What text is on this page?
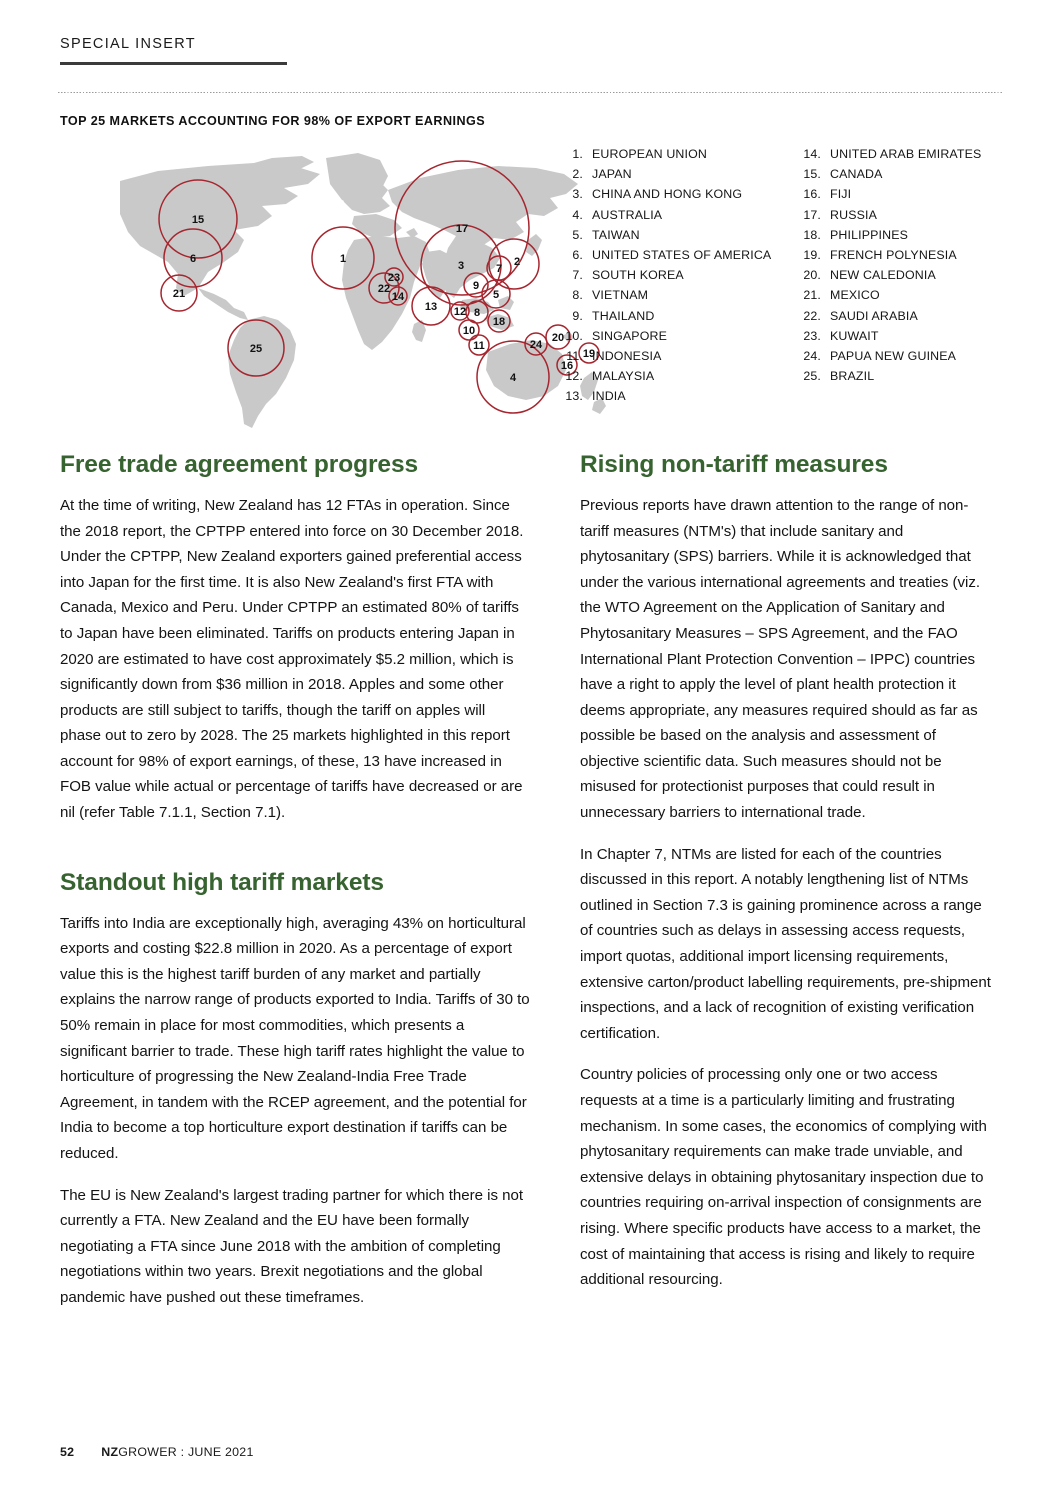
SPECIAL INSERT
TOP 25 MARKETS ACCOUNTING FOR 98% OF EXPORT EARNINGS
17
15
3
4
1
6
25
2
13
21	22	5
7
9
20
8
18
24
10
11
16
19
12
14
23
1. EUROPEAN UNION
2. JAPAN
3. CHINA AND HONG KONG
4. AUSTRALIA
5. TAIWAN
6. UNITED STATES OF AMERICA
7. SOUTH KOREA
8. VIETNAM
9. THAILAND
10. SINGAPORE
11. INDONESIA
12. MALAYSIA
13. INDIA
14. UNITED ARAB EMIRATES
15. CANADA
16. FIJI
17. RUSSIA
18. PHILIPPINES
19. FRENCH POLYNESIA
20. NEW CALEDONIA
21. MEXICO
22. SAUDI ARABIA
23. KUWAIT
24. PAPUA NEW GUINEA
25. BRAZIL
Free trade agreement progress

At the time of writing, New Zealand has 12 FTAs in operation. Since the 2018 report, the CPTPP entered into force on 30 December 2018. Under the CPTPP, New Zealand exporters gained preferential access into Japan for the first time. It is also New Zealand's first FTA with Canada, Mexico and Peru. Under CPTPP an estimated 80% of tariffs to Japan have been eliminated. Tariffs on products entering Japan in 2020 are estimated to have cost approximately $5.2 million, which is significantly down from $36 million in 2018. Apples and some other products are still subject to tariffs, though the tariff on apples will phase out to zero by 2028. The 25 markets highlighted in this report account for 98% of export earnings, of these, 13 have increased in FOB value while actual or percentage of tariffs have decreased or are nil (refer Table 7.1.1, Section 7.1).

Standout high tariff markets

Tariffs into India are exceptionally high, averaging 43% on horticultural exports and costing $22.8 million in 2020. As a percentage of export value this is the highest tariff burden of any market and partially explains the narrow range of products exported to India. Tariffs of 30 to 50% remain in place for most commodities, which presents a significant barrier to trade. These high tariff rates highlight the value to horticulture of progressing the New Zealand-India Free Trade Agreement, in tandem with the RCEP agreement, and the potential for India to become a top horticulture export destination if tariffs can be reduced.

The EU is New Zealand's largest trading partner for which there is not currently a FTA. New Zealand and the EU have been formally negotiating a FTA since June 2018 with the ambition of completing negotiations within two years. Brexit negotiations and the global pandemic have pushed out these timeframes.

Rising non-tariff measures

Previous reports have drawn attention to the range of non-tariff measures (NTM's) that include sanitary and phytosanitary (SPS) barriers. While it is acknowledged that under the various international agreements and treaties (viz. the WTO Agreement on the Application of Sanitary and Phytosanitary Measures – SPS Agreement, and the FAO International Plant Protection Convention – IPPC) countries have a right to apply the level of plant health protection it deems appropriate, any measures required should as far as possible be based on the analysis and assessment of objective scientific data. Such measures should not be misused for protectionist purposes that could result in unnecessary barriers to international trade.

In Chapter 7, NTMs are listed for each of the countries discussed in this report. A notably lengthening list of NTMs outlined in Section 7.3 is gaining prominence across a range of countries such as delays in assessing access requests, import quotas, additional import licensing requirements, extensive carton/product labelling requirements, pre-shipment inspections, and a lack of recognition of existing verification certification.

Country policies of processing only one or two access requests at a time is a particularly limiting and frustrating mechanism. In some cases, the economics of complying with phytosanitary requirements can make trade unviable, and extensive delays in obtaining phytosanitary inspection due to countries requiring on-arrival inspection of consignments are rising. Where specific products have access to a market, the cost of maintaining that access is rising and likely to require additional resourcing.

52 NZ GROWER : JUNE 2021
